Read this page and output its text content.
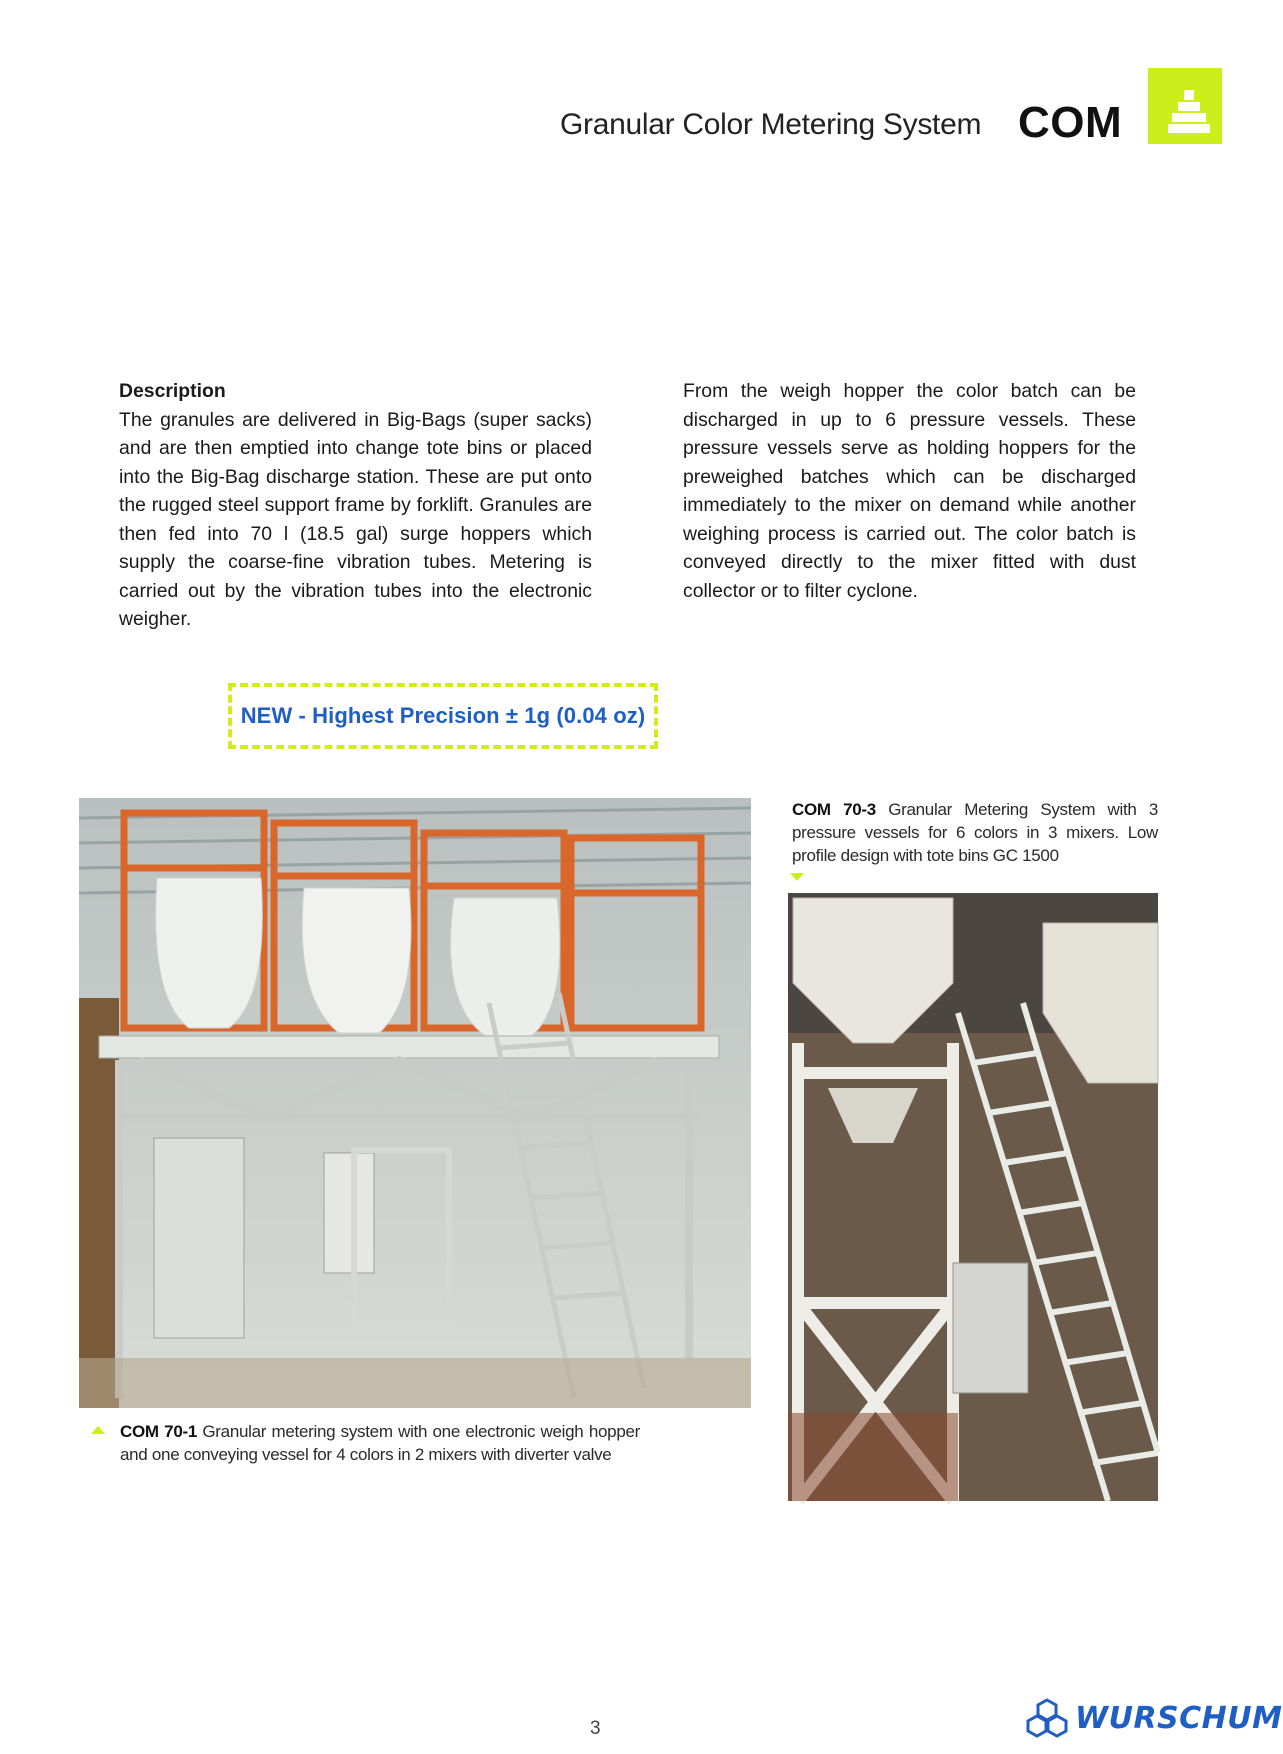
Granular Color Metering System COM
Description
The granules are delivered in Big-Bags (super sacks) and are then emptied into change tote bins or placed into the Big-Bag discharge station. These are put onto the rugged steel support frame by forklift. Granules are then fed into 70 l (18.5 gal) surge hoppers which supply the coarse-fine vibration tubes. Metering is carried out by the vibration tubes into the electronic weigher.
From the weigh hopper the color batch can be discharged in up to 6 pressure vessels. These pressure vessels serve as holding hoppers for the preweighed batches which can be discharged immediately to the mixer on demand while another weighing process is carried out. The color batch is conveyed directly to the mixer fitted with dust collector or to filter cyclone.
NEW - Highest Precision ± 1g (0.04 oz)
COM 70-3 Granular Metering System with 3 pressure vessels for 6 colors in 3 mixers. Low profile design with tote bins GC 1500
COM 70-1 Granular metering system with one electronic weigh hopper and one conveying vessel for 4 colors in 2 mixers with diverter valve
3	WURSCHUM
